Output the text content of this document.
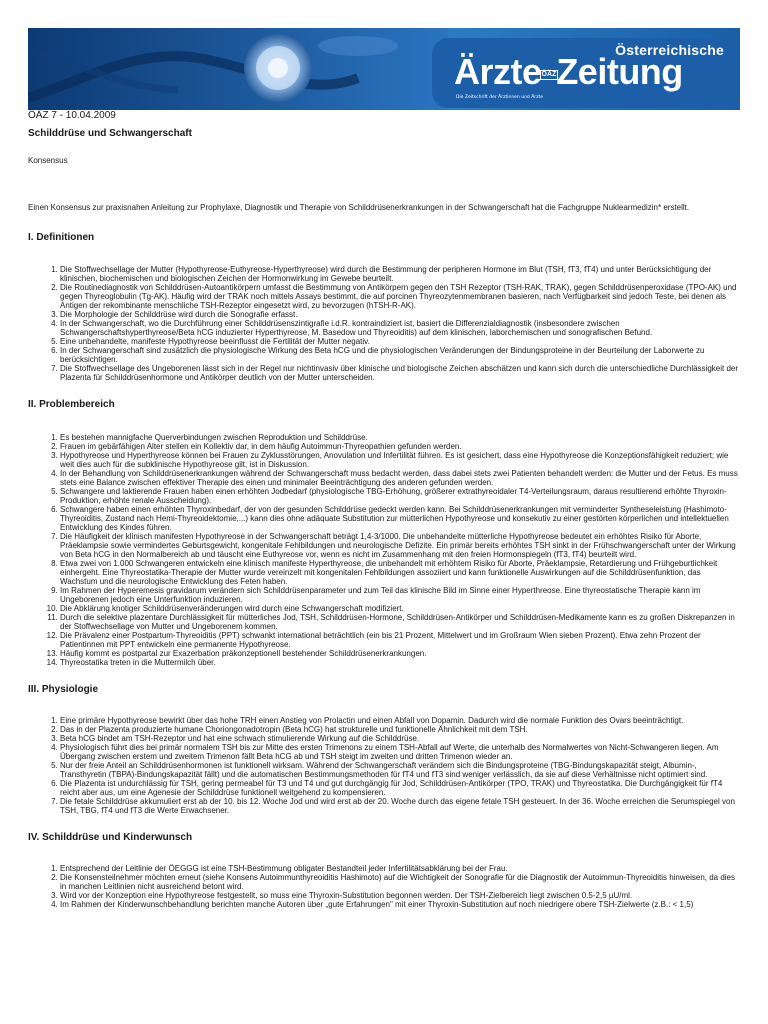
Österreichische
ÄrzteÖÄZZeitung
Die Zeitschrift der Ärztinnen und Ärzte

ÖÄZ 7 - 10.04.2009

Schilddrüse und Schwangerschaft

Konsensus

Einen Konsensus zur praxisnahen Anleitung zur Prophylaxe, Diagnostik und Therapie von Schilddrüsenerkrankungen in der Schwangerschaft hat die Fachgruppe Nuklearmedizin* erstellt.

I. Definitionen
1. Die Stoffwechsellage der Mutter (Hypothyreose-Euthyreose-Hyperthyreose) wird durch die Bestimmung der peripheren Hormone im Blut (TSH, fT3, fT4) und unter Berücksichtigung der klinischen, biochemischen und biologischen Zeichen der Hormonwirkung im Gewebe beurteilt.
2. Die Routinediagnostik von Schilddrüsen-Autoantikörpern umfasst die Bestimmung von Antikörpern gegen den TSH Rezeptor (TSH-RAK, TRAK), gegen Schilddrüsenperoxidase (TPO-AK) und gegen Thyreoglobulin (Tg-AK). Häufig wird der TRAK noch mittels Assays bestimmt, die auf porcinen Thyreozytenmembranen basieren, nach Verfügbarkeit sind jedoch Teste, bei denen als Antigen der rekombinante menschliche TSH-Rezeptor eingesetzt wird, zu bevorzugen (hTSH-R-AK).
3. Die Morphologie der Schilddrüse wird durch die Sonografie erfasst.
4. In der Schwangerschaft, wo die Durchführung einer Schilddrüsenszintigrafie i.d.R. kontraindiziert ist, basiert die Differenzialdiagnostik (insbesondere zwischen Schwangerschaftshyperthyreose/Beta hCG induzierter Hyperthyreose, M. Basedow und Thyreoiditis) auf dem klinischen, laborchemischen und sonografischen Befund.
5. Eine unbehandelte, manifeste Hypothyreose beeinflusst die Fertilität der Mutter negativ.
6. In der Schwangerschaft sind zusätzlich die physiologische Wirkung des Beta hCG und die physiologischen Veränderungen der Bindungsproteine in der Beurteilung der Laborwerte zu berücksichtigen.
7. Die Stoffwechsellage des Ungeborenen lässt sich in der Regel nur nichtinvasiv über klinische und biologische Zeichen abschätzen und kann sich durch die unterschiedliche Durchlässigkeit der Plazenta für Schilddrüsenhormone und Antikörper deutlich von der Mutter unterscheiden.
II. Problembereich
1. Es bestehen mannigfache Querverbindungen zwischen Reproduktion und Schilddrüse.
2. Frauen im gebärfähigen Alter stellen ein Kollektiv dar, in dem häufig Autoimmun-Thyreopathien gefunden werden.
3. Hypothyreose und Hyperthyreose können bei Frauen zu Zyklusstörungen, Anovulation und Infertilität führen. Es ist gesichert, dass eine Hypothyreose die Konzeptionsfähigkeit reduziert; wie weit dies auch für die subklinische Hypothyreose gilt, ist in Diskussion.
4. In der Behandlung von Schilddrüsenerkrankungen während der Schwangerschaft muss bedacht werden, dass dabei stets zwei Patienten behandelt werden: die Mutter und der Fetus. Es muss stets eine Balance zwischen effektiver Therapie des einen und minimaler Beeinträchtigung des anderen gefunden werden.
5. Schwangere und laktierende Frauen haben einen erhöhten Jodbedarf (physiologische TBG-Erhöhung, größerer extrathyreoidaler T4-Verteilungsraum, daraus resultierend erhöhte Thyroxin-Produktion, erhöhte renale Ausscheidung).
6. Schwangere haben einen erhöhten Thyroxinbedarf, der von der gesunden Schilddrüse gedeckt werden kann. Bei Schilddrüsenerkrankungen mit verminderter Syntheseleistung (Hashimoto-Thyreoiditis, Zustand nach Hemi-Thyreoidektomie,...) kann dies ohne adäquate Substitution zur mütterlichen Hypothyreose und konsekutiv zu einer gestörten körperlichen und intellektuellen Entwicklung des Kindes führen.
7. Die Häufigkeit der klinisch manifesten Hypothyreose in der Schwangerschaft beträgt 1,4-3/1000. Die unbehandelte mütterliche Hypothyreose bedeutet ein erhöhtes Risiko für Aborte, Präeklampsie sowie vermindertes Geburtsgewicht, kongenitale Fehlbildungen und neurologische Defizite. Ein primär bereits erhöhtes TSH sinkt in der Frühschwangerschaft unter der Wirkung von Beta hCG in den Normalbereich ab und täuscht eine Euthyreose vor, wenn es nicht im Zusammenhang mit den freien Hormonspiegeln (fT3, fT4) beurteilt wird.
8. Etwa zwei von 1.000 Schwangeren entwickeln eine klinisch manifeste Hyperthyreose, die unbehandelt mit erhöhtem Risiko für Aborte, Präeklampsie, Retardierung und Frühgeburtlichkeit einhergeht. Eine Thyreostatika-Therapie der Mutter wurde vereinzelt mit kongenitalen Fehlbildungen assoziiert und kann funktionelle Auswirkungen auf die Schilddrüsenfunktion, das Wachstum und die neurologische Entwicklung des Feten haben.
9. Im Rahmen der Hyperemesis gravidarum verändern sich Schilddrüsenparameter und zum Teil das klinische Bild im Sinne einer Hyperthreose. Eine thyreostatische Therapie kann im Ungeborenen jedoch eine Unterfunktion induzieren.
10. Die Abklärung knotiger Schilddrüsenveränderungen wird durch eine Schwangerschaft modifiziert.
11. Durch die selektive plazentare Durchlässigkeit für mütterliches Jod, TSH, Schilddrüsen-Hormone, Schilddrüsen-Antikörper und Schilddrüsen-Medikamente kann es zu großen Diskrepanzen in der Stoffwechsellage von Mutter und Ungeborenem kommen.
12. Die Prävalenz einer Postpartum-Thyreoiditis (PPT) schwankt international beträchtlich (ein bis 21 Prozent, Mittelwert und im Großraum Wien sieben Prozent). Etwa zehn Prozent der Patientinnen mit PPT entwickeln eine permanente Hypothyreose.
13. Häufig kommt es postpartal zur Exazerbation präkonzeptionell bestehender Schilddrüsenerkrankungen.
14. Thyreostatika treten in die Muttermilch über.
III. Physiologie
1. Eine primäre Hypothyreose bewirkt über das hohe TRH einen Anstieg von Prolactin und einen Abfall von Dopamin. Dadurch wird die normale Funktion des Ovars beeinträchtigt.
2. Das in der Plazenta produzierte humane Choriongonadotropin (Beta hCG) hat strukturelle und funktionelle Ähnlichkeit mit dem TSH.
3. Beta hCG bindet am TSH-Rezeptor und hat eine schwach stimulierende Wirkung auf die Schilddrüse.
4. Physiologisch führt dies bei primär normalem TSH bis zur Mitte des ersten Trimenons zu einem TSH-Abfall auf Werte, die unterhalb des Normalwertes von Nicht-Schwangeren liegen. Am Übergang zwischen erstem und zweitem Trimenon fällt Beta hCG ab und TSH steigt im zweiten und dritten Trimenon wieder an.
5. Nur der freie Anteil an Schilddrüsenhormonen ist funktionell wirksam. Während der Schwangerschaft verändern sich die Bindungsproteine (TBG-Bindungskapazität steigt, Albumin-, Transthyretin (TBPA)-Bindungskapazität fällt) und die automatischen Bestimmungsmethoden für fT4 und fT3 sind weniger verlässlich, da sie auf diese Verhältnisse nicht optimiert sind.
6. Die Plazenta ist undurchlässig für TSH, gering permeabel für T3 und T4 und gut durchgängig für Jod, Schilddrüsen-Antikörper (TPO, TRAK) und Thyreostatika. Die Durchgängigkeit für fT4 reicht aber aus, um eine Agenesie der Schilddrüse funktionell weitgehend zu kompensieren.
7. Die fetale Schilddrüse akkumuliert erst ab der 10. bis 12. Woche Jod und wird erst ab der 20. Woche durch das eigene fetale TSH gesteuert. In der 36. Woche erreichen die Serumspiegel von TSH, TBG, fT4 und fT3 die Werte Erwachsener.
IV. Schilddrüse und Kinderwunsch
1. Entsprechend der Leitlinie der ÖEGGG ist eine TSH-Bestimmung obligater Bestandteil jeder Infertilitätsabklärung bei der Frau.
2. Die Konsensteilnehmer möchten erneut (siehe Konsens Autoimmunthyreoiditis Hashimoto) auf die Wichtigkeit der Sonografie für die Diagnostik der Autoimmun-Thyreoiditis hinweisen, da dies in manchen Leitlinien nicht ausreichend betont wird.
3. Wird vor der Konzeption eine Hypothyreose festgestellt, so muss eine Thyroxin-Substitution begonnen werden. Der TSH-Zielbereich liegt zwischen 0.5-2,5 µU/ml.
4. Im Rahmen der Kinderwunschbehandlung berichten manche Autoren über „gute Erfahrungen" mit einer Thyroxin-Substitution auf noch niedrigere obere TSH-Zielwerte (z.B.: < 1,5)
